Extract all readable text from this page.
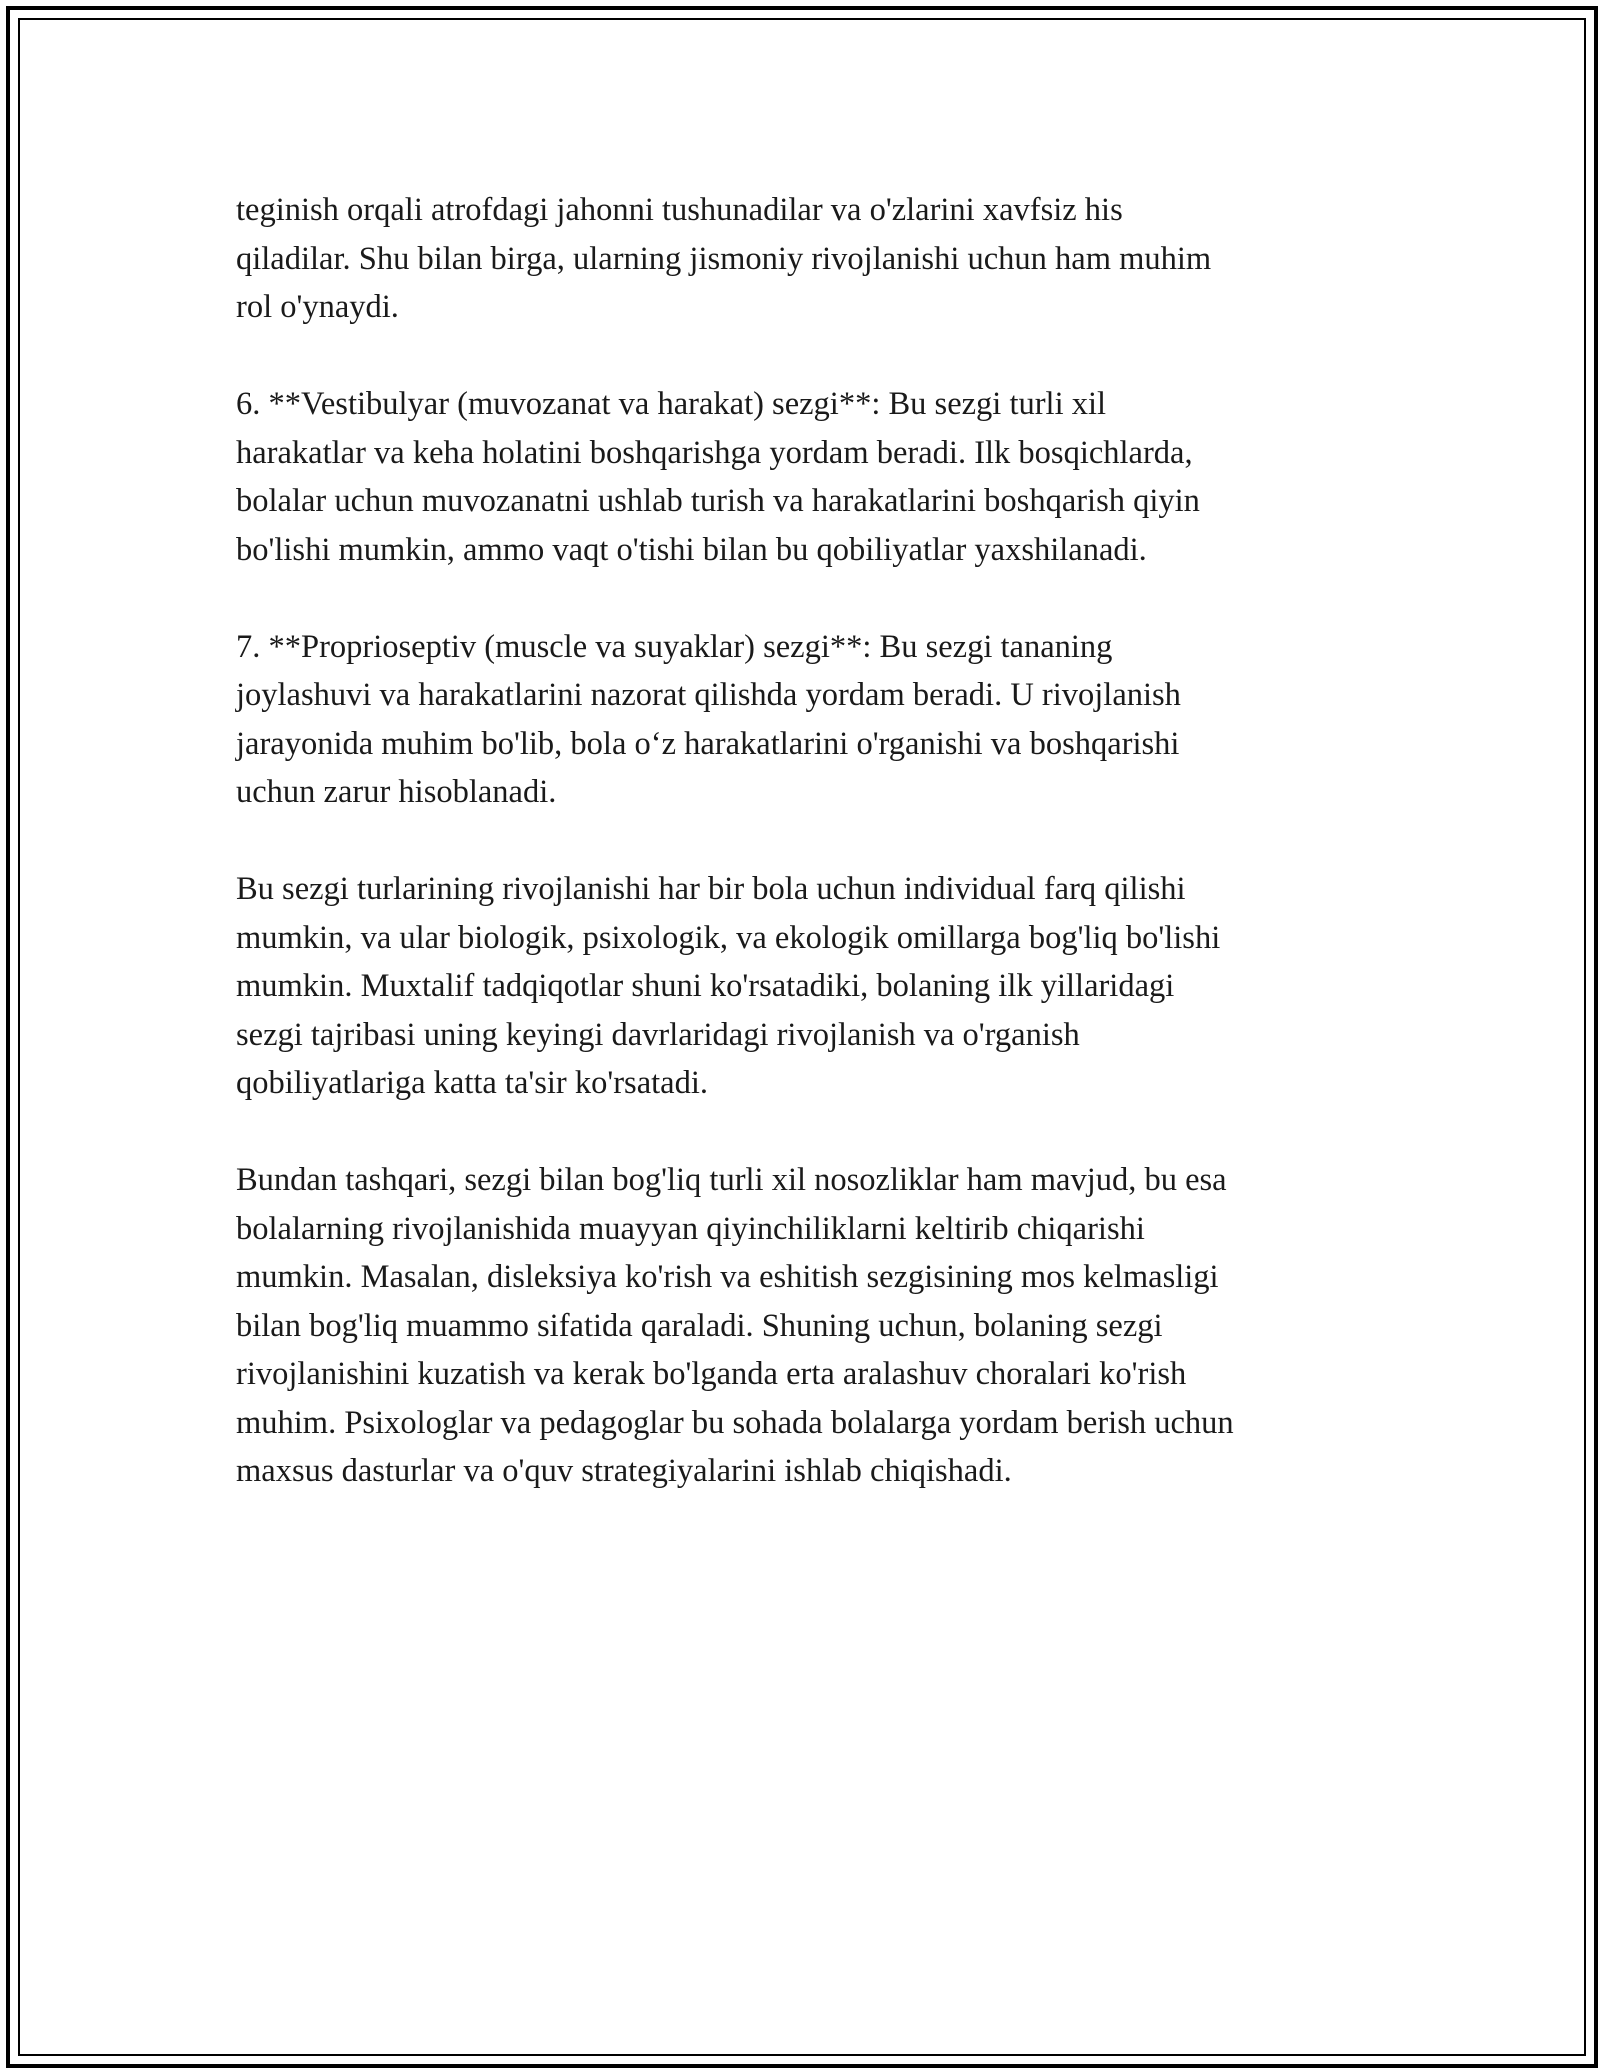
teginish orqali atrofdagi jahonni tushunadilar va o'zlarini xavfsiz his
qiladilar. Shu bilan birga, ularning jismoniy rivojlanishi uchun ham muhim
rol o'ynaydi.

6. **Vestibulyar (muvozanat va harakat) sezgi**: Bu sezgi turli xil
harakatlar va keha holatini boshqarishga yordam beradi. Ilk bosqichlarda,
bolalar uchun muvozanatni ushlab turish va harakatlarini boshqarish qiyin
bo'lishi mumkin, ammo vaqt o'tishi bilan bu qobiliyatlar yaxshilanadi.

7. **Proprioseptiv (muscle va suyaklar) sezgi**: Bu sezgi tananing
joylashuvi va harakatlarini nazorat qilishda yordam beradi. U rivojlanish
jarayonida muhim bo'lib, bola o‘z harakatlarini o'rganishi va boshqarishi
uchun zarur hisoblanadi.

Bu sezgi turlarining rivojlanishi har bir bola uchun individual farq qilishi
mumkin, va ular biologik, psixologik, va ekologik omillarga bog'liq bo'lishi
mumkin. Muxtalif tadqiqotlar shuni ko'rsatadiki, bolaning ilk yillaridagi
sezgi tajribasi uning keyingi davrlaridagi rivojlanish va o'rganish
qobiliyatlariga katta ta'sir ko'rsatadi.

Bundan tashqari, sezgi bilan bog'liq turli xil nosozliklar ham mavjud, bu esa
bolalarning rivojlanishida muayyan qiyinchiliklarni keltirib chiqarishi
mumkin. Masalan, disleksiya ko'rish va eshitish sezgisining mos kelmasligi
bilan bog'liq muammo sifatida qaraladi. Shuning uchun, bolaning sezgi
rivojlanishini kuzatish va kerak bo'lganda erta aralashuv choralari ko'rish
muhim. Psixologlar va pedagoglar bu sohada bolalarga yordam berish uchun
maxsus dasturlar va o'quv strategiyalarini ishlab chiqishadi.
